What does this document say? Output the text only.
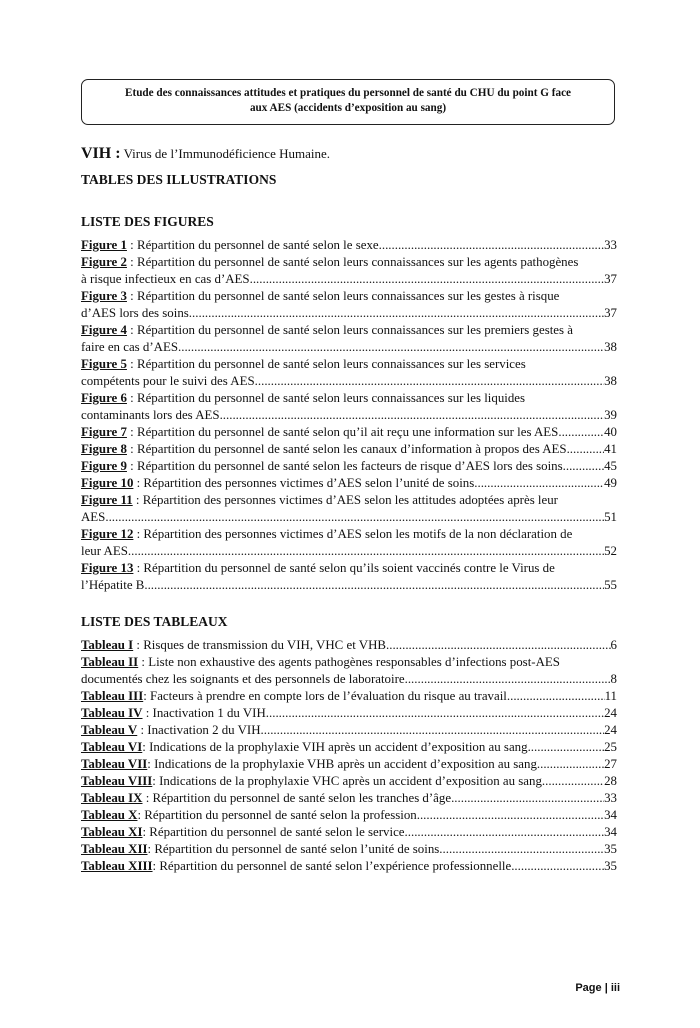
Etude des connaissances attitudes et pratiques du personnel de santé du CHU du point G face
aux AES (accidents d’exposition au sang)
VIH : Virus de l’Immunodéficience Humaine.
TABLES DES ILLUSTRATIONS
LISTE DES FIGURES
Figure 1 : Répartition du personnel de santé selon le sexe .....	33
Figure 2 : Répartition du personnel de santé selon leurs connaissances sur les agents pathogènes
à risque infectieux en cas d’AES .....	37
Figure 3 : Répartition du personnel de santé selon leurs connaissances sur les gestes à risque
d’AES lors des soins .....	37
Figure 4 : Répartition du personnel de santé selon leurs connaissances sur les premiers gestes à
faire en cas d’AES .....	38
Figure 5 : Répartition du personnel de santé selon leurs connaissances sur les services
compétents pour le suivi des AES .....	38
Figure 6 : Répartition du personnel de santé selon leurs connaissances sur les liquides
contaminants lors des AES .....	39
Figure 7 : Répartition du personnel de santé selon qu’il ait reçu une information sur les AES .....	40
Figure 8 : Répartition du personnel de santé selon les canaux d’information à propos des AES .....	41
Figure 9 : Répartition du personnel de santé selon les facteurs de risque d’AES lors des soins .....	45
Figure 10 : Répartition des personnes victimes d’AES selon l’unité de soins .....	49
Figure 11 : Répartition des personnes victimes d’AES selon les attitudes adoptées après leur
AES .....	51
Figure 12 : Répartition des personnes victimes d’AES selon les motifs de la non déclaration de
leur AES .....	52
Figure 13 : Répartition du personnel de santé selon qu’ils soient vaccinés contre le Virus de
l’Hépatite B .....	55
LISTE DES TABLEAUX
Tableau I : Risques de transmission du VIH, VHC et VHB .....	6
Tableau II : Liste non exhaustive des agents pathogènes responsables d’infections post-AES
documentés chez les soignants et des personnels de laboratoire .....	8
Tableau III: Facteurs à prendre en compte lors de l’évaluation du risque au travail .....	11
Tableau IV : Inactivation 1 du VIH .....	24
Tableau V : Inactivation 2 du VIH .....	24
Tableau VI: Indications de la prophylaxie VIH après un accident d’exposition au sang .....	25
Tableau VII: Indications de la prophylaxie VHB après un accident d’exposition au sang .....	27
Tableau VIII: Indications de la prophylaxie VHC après un accident d’exposition au sang .....	28
Tableau IX : Répartition du personnel de santé selon les tranches d’âge .....	33
Tableau X: Répartition du personnel de santé selon la profession .....	34
Tableau XI: Répartition du personnel de santé selon le service .....	34
Tableau XII: Répartition du personnel de santé selon l’unité de soins .....	35
Tableau XIII: Répartition du personnel de santé selon l’expérience professionnelle .....	35
Page | iii
